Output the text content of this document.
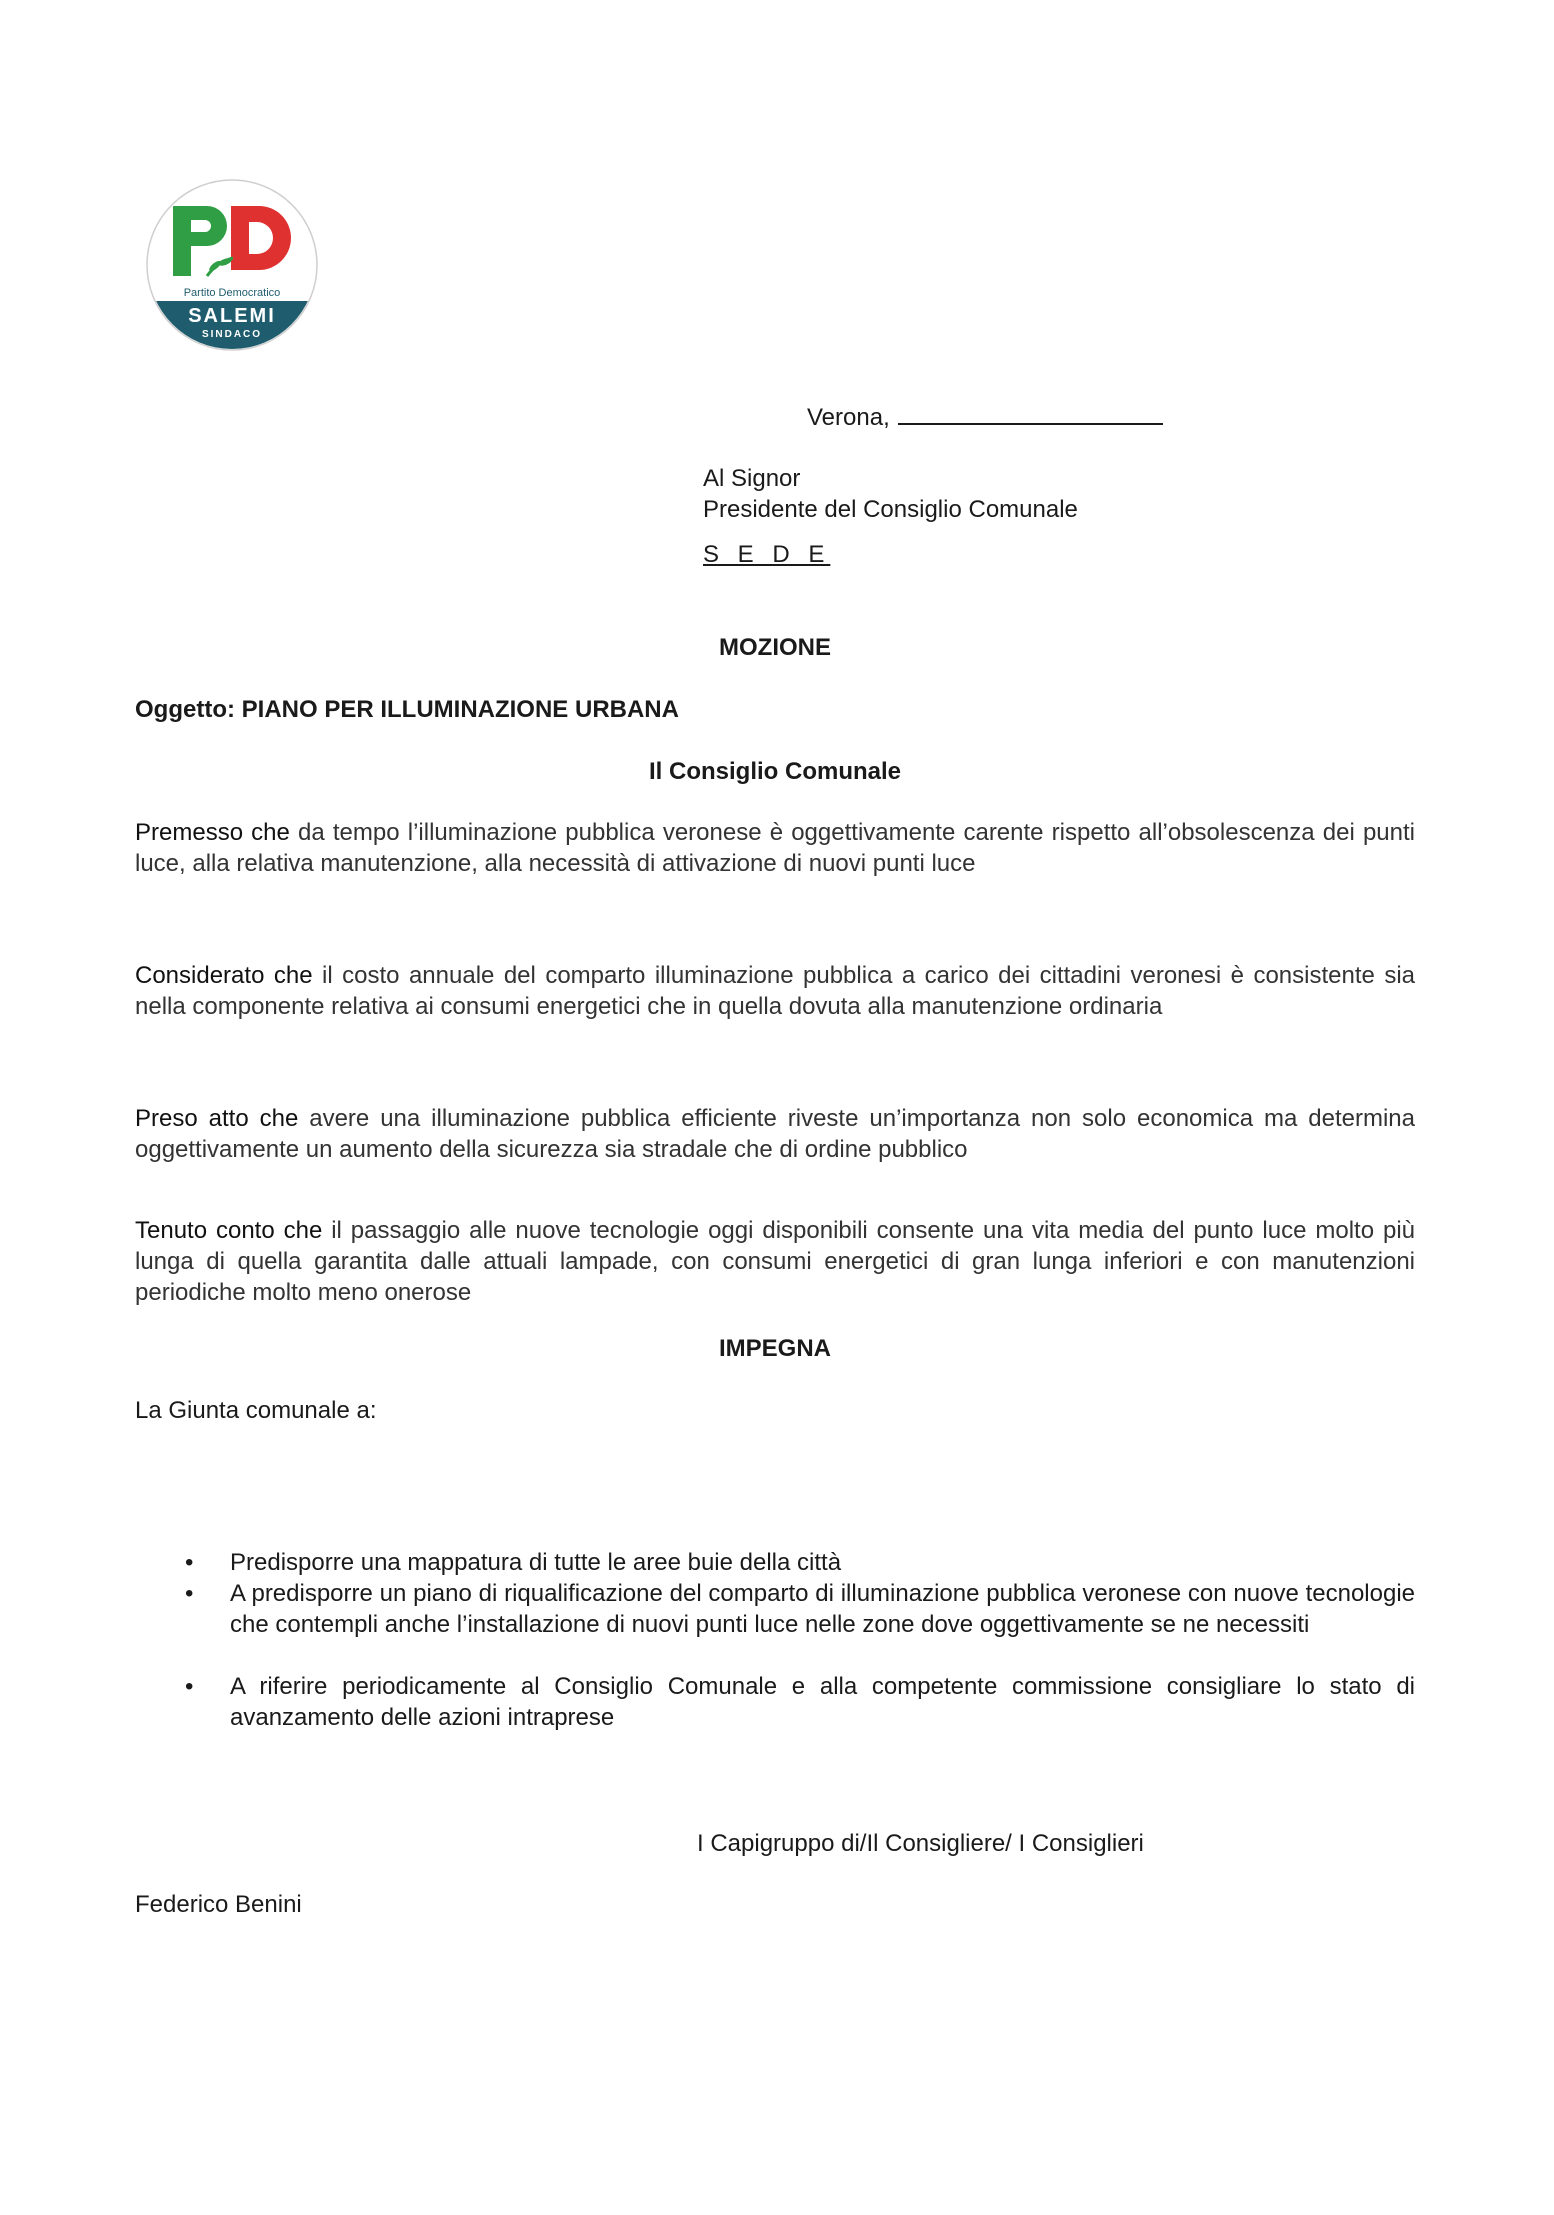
Partito Democratico
SALEMI
SINDACO
Verona,
Al Signor
Presidente del Consiglio Comunale
S E D E
MOZIONE
Oggetto: PIANO PER ILLUMINAZIONE URBANA
Il Consiglio Comunale
Premesso che da tempo l’illuminazione pubblica veronese è oggettivamente carente rispetto all’obsolescenza dei punti luce, alla relativa manutenzione, alla necessità di attivazione di nuovi punti luce
Considerato che il costo annuale del comparto illuminazione pubblica a carico dei cittadini veronesi è consistente sia nella componente relativa ai consumi energetici che in quella dovuta alla manutenzione ordinaria
Preso atto che avere una illuminazione pubblica efficiente riveste un’importanza non solo economica ma determina oggettivamente un aumento della sicurezza sia stradale che di ordine pubblico
Tenuto conto che il passaggio alle nuove tecnologie oggi disponibili consente una vita media del punto luce molto più lunga di quella garantita dalle attuali lampade, con consumi energetici di gran lunga inferiori e con manutenzioni periodiche molto meno onerose
IMPEGNA
La Giunta comunale a:
• Predisporre una mappatura di tutte le aree buie della città
• A predisporre un piano di riqualificazione del comparto di illuminazione pubblica veronese con nuove tecnologie che contempli anche l’installazione di nuovi punti luce nelle zone dove oggettivamente se ne necessiti
• A riferire periodicamente al Consiglio Comunale e alla competente commissione consigliare lo stato di avanzamento delle azioni intraprese
I Capigruppo di/Il Consigliere/ I Consiglieri
Federico Benini
